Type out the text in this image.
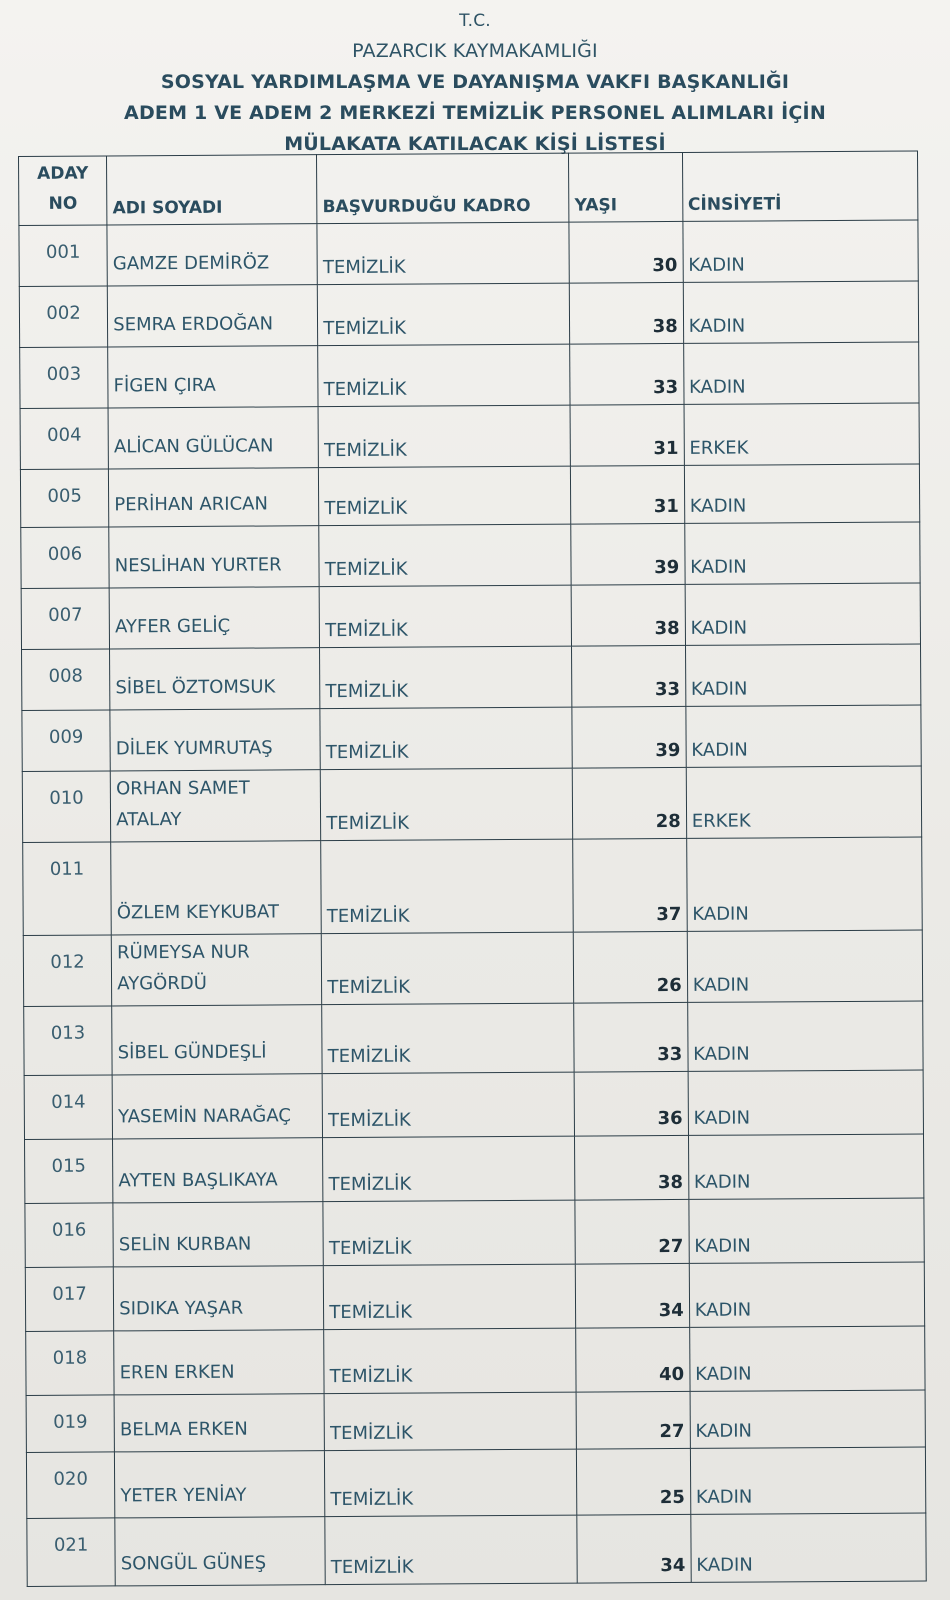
T.C.
PAZARCIK KAYMAKAMLIĞI
SOSYAL YARDIMLAŞMA VE DAYANIŞMA VAKFI BAŞKANLIĞI
ADEM 1 VE ADEM 2 MERKEZİ TEMİZLİK PERSONEL ALIMLARI İÇİN
MÜLAKATA KATILACAK KİŞİ LİSTESİ
ADAY
NO	ADI SOYADI	BAŞVURDUĞU KADRO	YAŞI	CİNSİYETİ
001	GAMZE DEMİRÖZ	TEMİZLİK	30	KADIN
002	SEMRA ERDOĞAN	TEMİZLİK	38	KADIN
003	FİGEN ÇIRA	TEMİZLİK	33	KADIN
004	ALİCAN GÜLÜCAN	TEMİZLİK	31	ERKEK
005	PERİHAN ARICAN	TEMİZLİK	31	KADIN
006	NESLİHAN YURTER	TEMİZLİK	39	KADIN
007	AYFER GELİÇ	TEMİZLİK	38	KADIN
008	SİBEL ÖZTOMSUK	TEMİZLİK	33	KADIN
009	DİLEK YUMRUTAŞ	TEMİZLİK	39	KADIN
010	ORHAN SAMET ATALAY	TEMİZLİK	28	ERKEK
011	ÖZLEM KEYKUBAT	TEMİZLİK	37	KADIN
012	RÜMEYSA NUR AYGÖRDÜ	TEMİZLİK	26	KADIN
013	SİBEL GÜNDEŞLİ	TEMİZLİK	33	KADIN
014	YASEMİN NARAĞAÇ	TEMİZLİK	36	KADIN
015	AYTEN BAŞLIKAYA	TEMİZLİK	38	KADIN
016	SELİN KURBAN	TEMİZLİK	27	KADIN
017	SIDIKA YAŞAR	TEMİZLİK	34	KADIN
018	EREN ERKEN	TEMİZLİK	40	KADIN
019	BELMA ERKEN	TEMİZLİK	27	KADIN
020	YETER YENİAY	TEMİZLİK	25	KADIN
021	SONGÜL GÜNEŞ	TEMİZLİK	34	KADIN
